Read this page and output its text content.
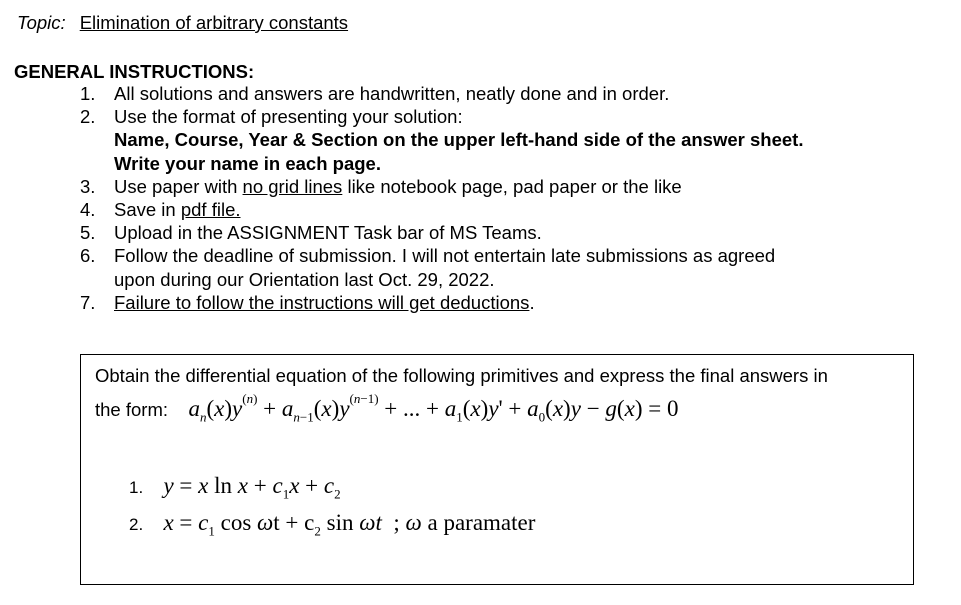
Topic: Elimination of arbitrary constants
GENERAL INSTRUCTIONS:
1. All solutions and answers are handwritten, neatly done and in order.
2. Use the format of presenting your solution:
Name, Course, Year & Section on the upper left-hand side of the answer sheet.
Write your name in each page.
3. Use paper with no grid lines like notebook page, pad paper or the like
4. Save in pdf file.
5. Upload in the ASSIGNMENT Task bar of MS Teams.
6. Follow the deadline of submission. I will not entertain late submissions as agreed
upon during our Orientation last Oct. 29, 2022.
7. Failure to follow the instructions will get deductions.
Obtain the differential equation of the following primitives and express the final answers in
the form: $a_n(x)y^{(n)} + a_{n-1}(x)y^{(n-1)}$ + ... + $a_1(x)y' + a_0(x)y - g(x) = 0$
1. y = x $\ln x + c_1x + c_2$
2. $x = c_1$ $\cos \omega t + c_2$ sin ωt  ; ω a paramater
